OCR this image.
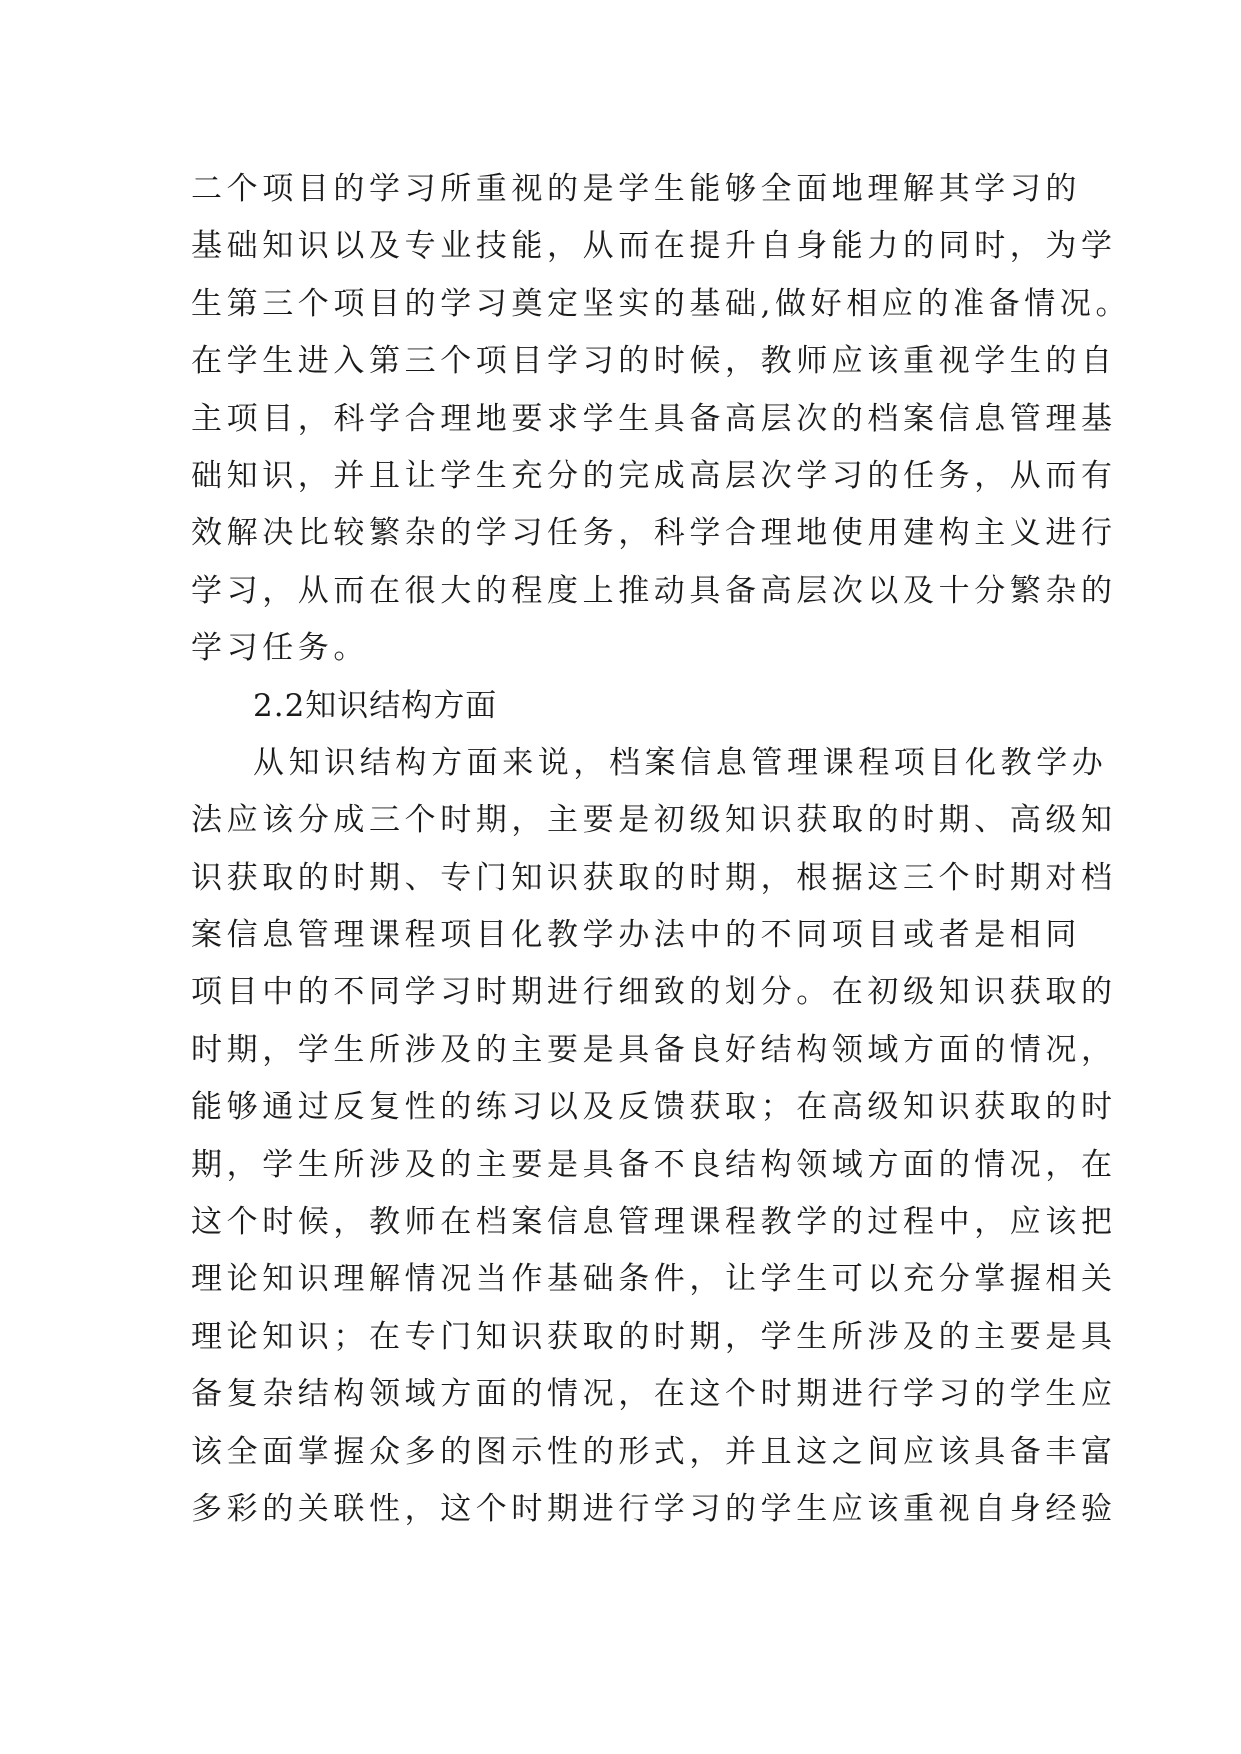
二个项目的学习所重视的是学生能够全面地理解其学习的
基础知识以及专业技能，从而在提升自身能力的同时，为学
生第三个项目的学习奠定坚实的基础,做好相应的准备情况。
在学生进入第三个项目学习的时候，教师应该重视学生的自
主项目，科学合理地要求学生具备高层次的档案信息管理基
础知识，并且让学生充分的完成高层次学习的任务，从而有
效解决比较繁杂的学习任务，科学合理地使用建构主义进行
学习，从而在很大的程度上推动具备高层次以及十分繁杂的
学习任务。
2.2知识结构方面
从知识结构方面来说，档案信息管理课程项目化教学办
法应该分成三个时期，主要是初级知识获取的时期、高级知
识获取的时期、专门知识获取的时期，根据这三个时期对档
案信息管理课程项目化教学办法中的不同项目或者是相同
项目中的不同学习时期进行细致的划分。在初级知识获取的
时期，学生所涉及的主要是具备良好结构领域方面的情况，
能够通过反复性的练习以及反馈获取；在高级知识获取的时
期，学生所涉及的主要是具备不良结构领域方面的情况，在
这个时候，教师在档案信息管理课程教学的过程中，应该把
理论知识理解情况当作基础条件，让学生可以充分掌握相关
理论知识；在专门知识获取的时期，学生所涉及的主要是具
备复杂结构领域方面的情况，在这个时期进行学习的学生应
该全面掌握众多的图示性的形式，并且这之间应该具备丰富
多彩的关联性，这个时期进行学习的学生应该重视自身经验
